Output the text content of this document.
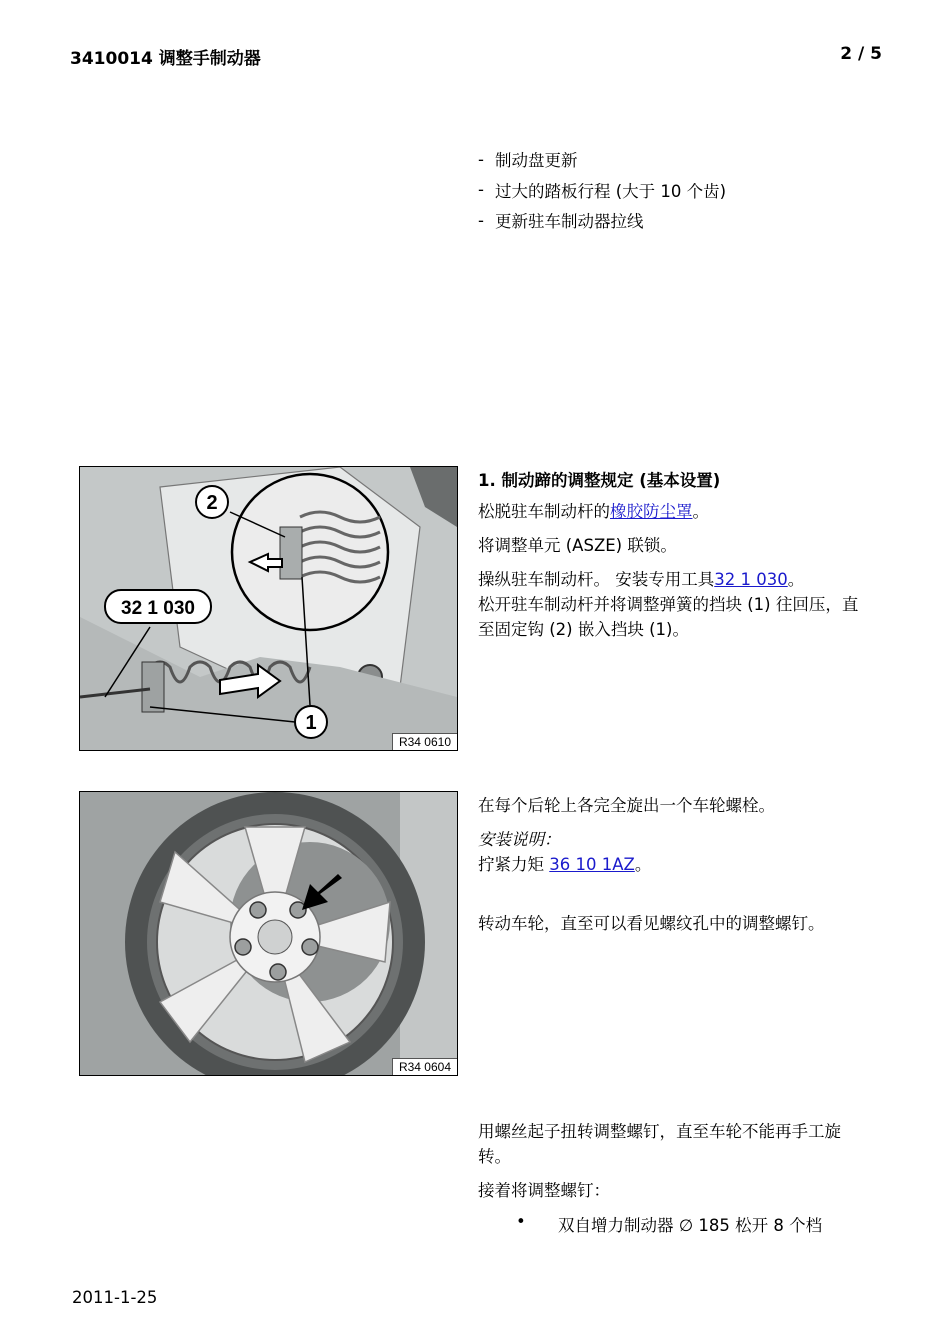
3410014 调整手制动器	2 / 5
- 制动盘更新
- 过大的踏板行程 (大于 10 个齿)
- 更新驻车制动器拉线
2
1
32 1 030
R34 0610
1. 制动蹄的调整规定 (基本设置)
松脱驻车制动杆的橡胶防尘罩。
将调整单元 (ASZE) 联锁。
操纵驻车制动杆。 安装专用工具32 1 030。
松开驻车制动杆并将调整弹簧的挡块 (1) 往回压，直至固定钩 (2) 嵌入挡块 (1)。
R34 0604
在每个后轮上各完全旋出一个车轮螺栓。
安装说明：
拧紧力矩 36 10 1AZ。
转动车轮，直至可以看见螺纹孔中的调整螺钉。
用螺丝起子扭转调整螺钉，直至车轮不能再手工旋转。
接着将调整螺钉：
•	双自增力制动器 ∅ 185 松开 8 个档
2011-1-25
